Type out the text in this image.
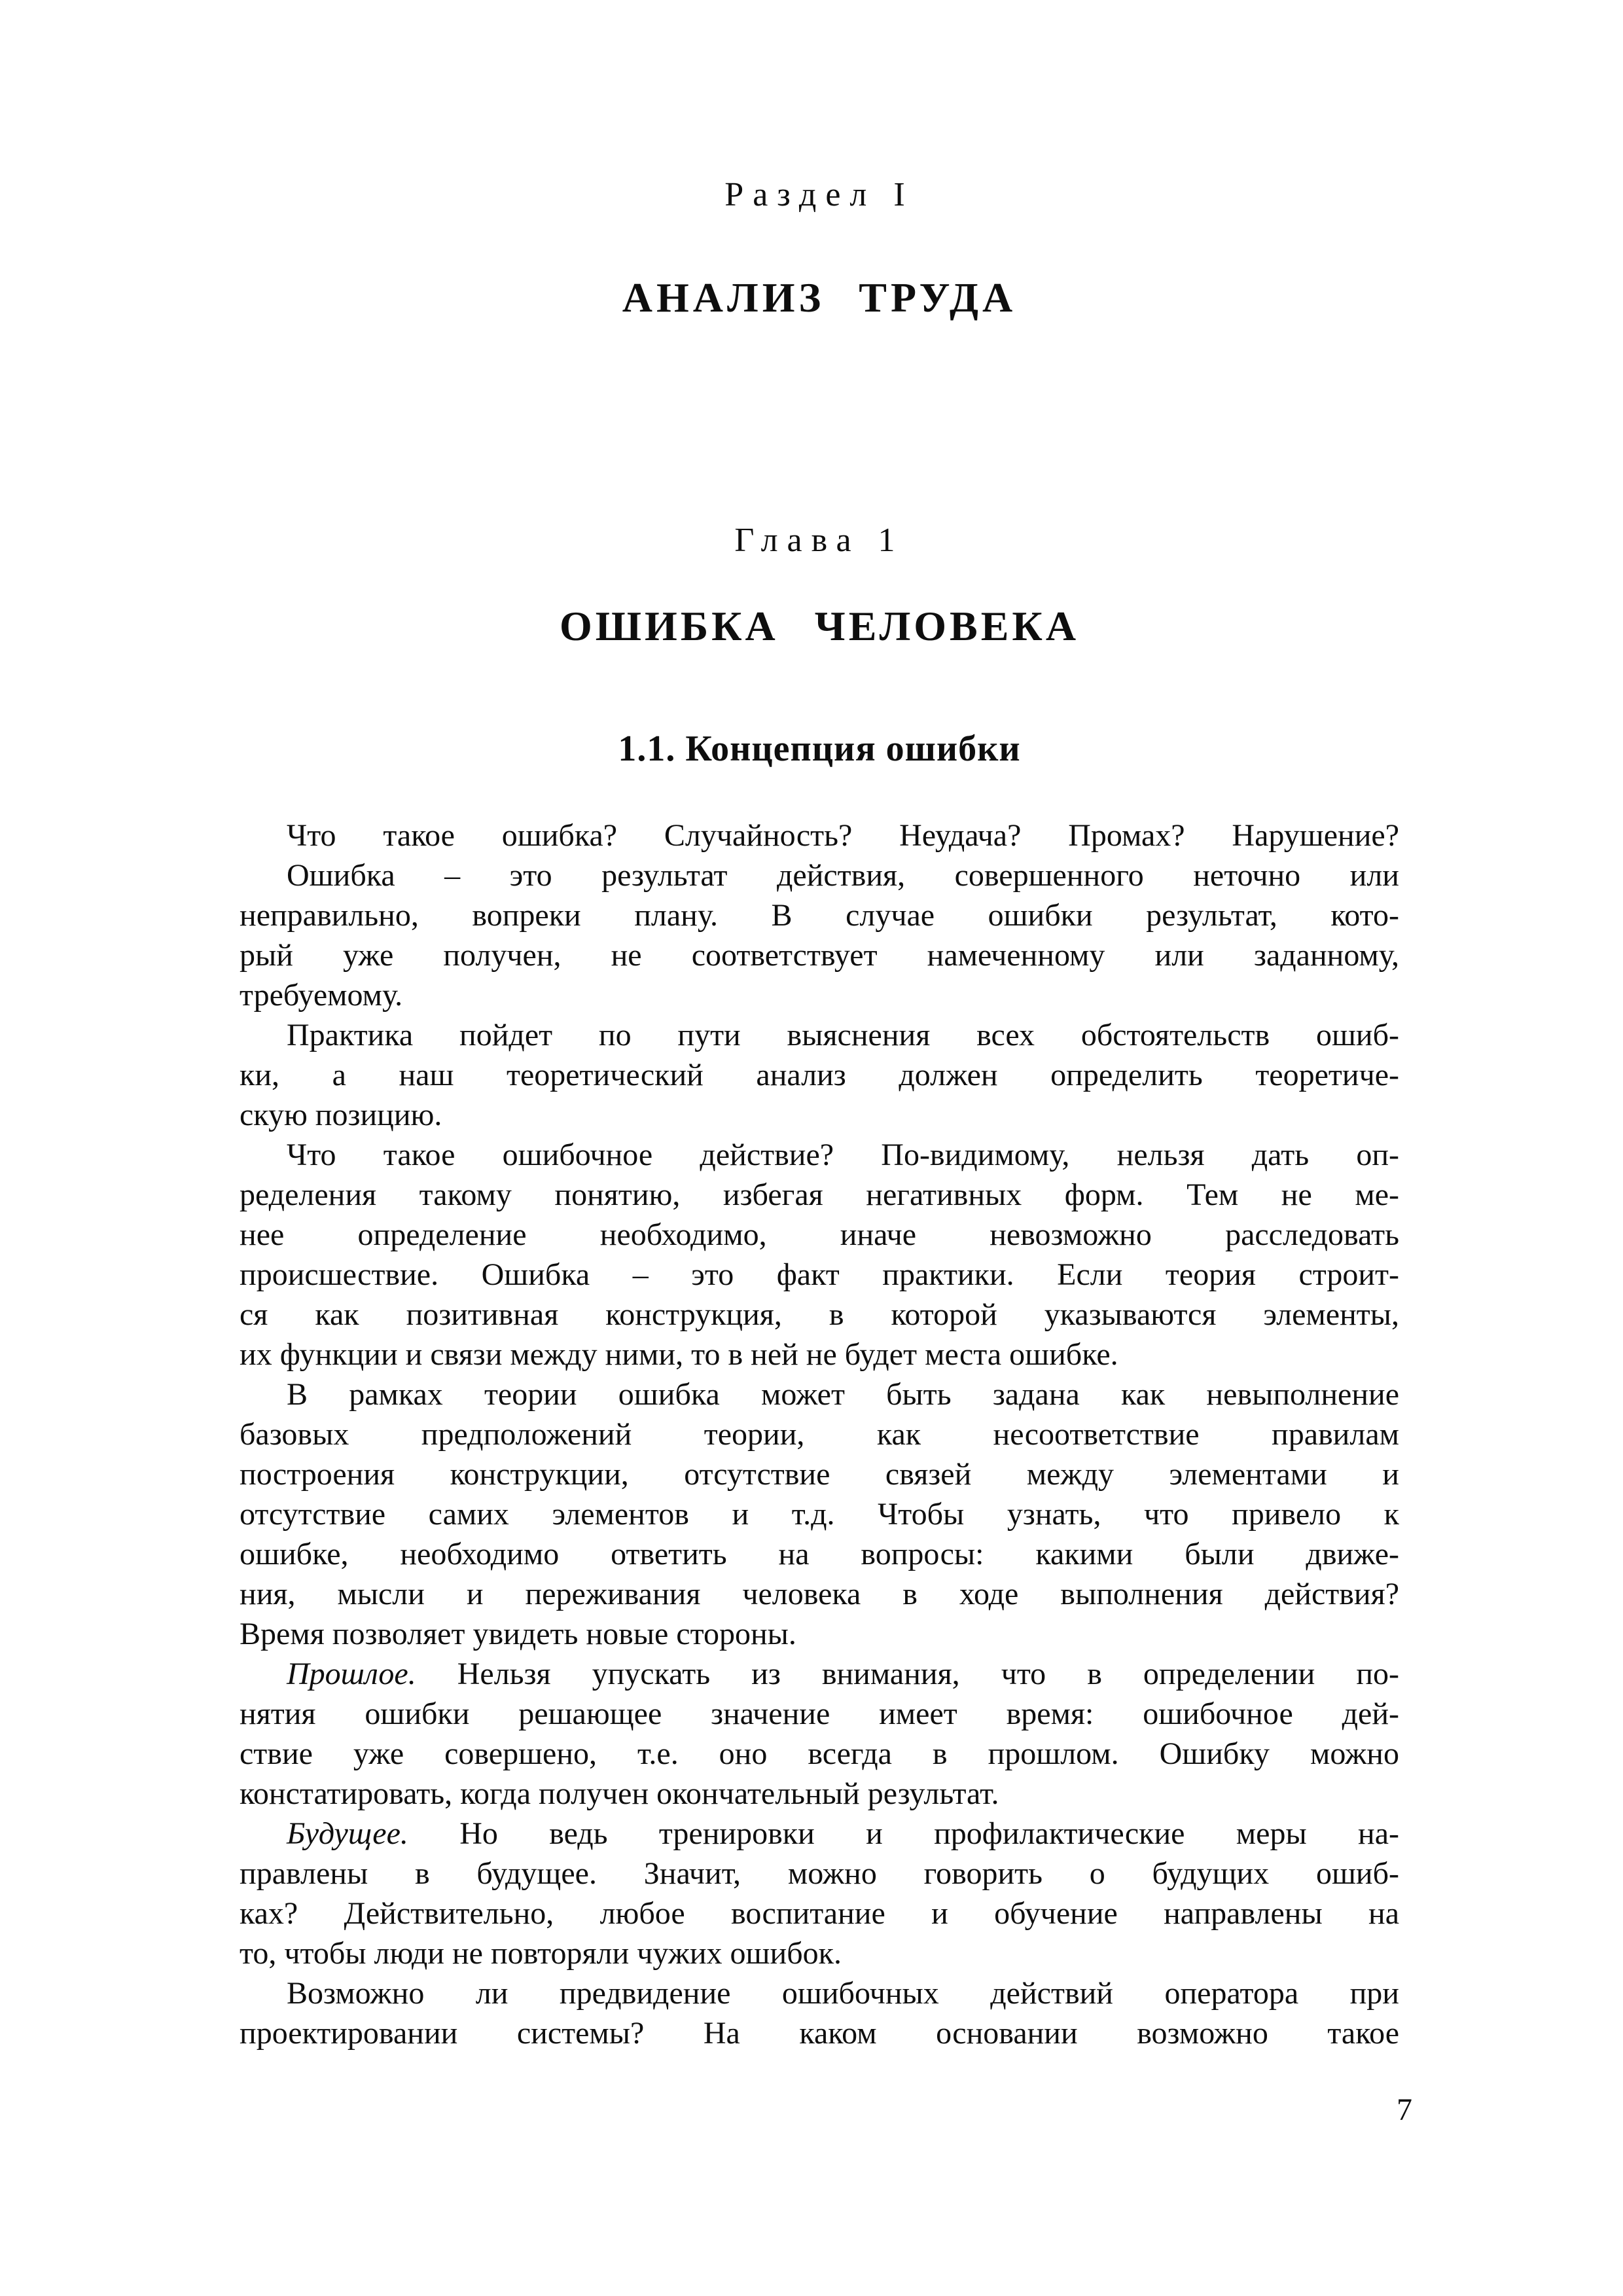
Раздел I
АНАЛИЗ ТРУДА
Глава 1
ОШИБКА ЧЕЛОВЕКА
1.1. Концепция ошибки
Что такое ошибка? Случайность? Неудача? Промах? Нарушение?
Ошибка – это результат действия, совершенного неточно или
неправильно, вопреки плану. В случае ошибки результат, кото-
рый уже получен, не соответствует намеченному или заданному,
требуемому.
Практика пойдет по пути выяснения всех обстоятельств ошиб-
ки, а наш теоретический анализ должен определить теоретиче-
скую позицию.
Что такое ошибочное действие? По-видимому, нельзя дать оп-
ределения такому понятию, избегая негативных форм. Тем не ме-
нее определение необходимо, иначе невозможно расследовать
происшествие. Ошибка – это факт практики. Если теория строит-
ся как позитивная конструкция, в которой указываются элементы,
их функции и связи между ними, то в ней не будет места ошибке.
В рамках теории ошибка может быть задана как невыполнение
базовых предположений теории, как несоответствие правилам
построения конструкции, отсутствие связей между элементами и
отсутствие самих элементов и т.д. Чтобы узнать, что привело к
ошибке, необходимо ответить на вопросы: какими были движе-
ния, мысли и переживания человека в ходе выполнения действия?
Время позволяет увидеть новые стороны.
Прошлое. Нельзя упускать из внимания, что в определении по-
нятия ошибки решающее значение имеет время: ошибочное дей-
ствие уже совершено, т.е. оно всегда в прошлом. Ошибку можно
констатировать, когда получен окончательный результат.
Будущее. Но ведь тренировки и профилактические меры на-
правлены в будущее. Значит, можно говорить о будущих ошиб-
ках? Действительно, любое воспитание и обучение направлены на
то, чтобы люди не повторяли чужих ошибок.
Возможно ли предвидение ошибочных действий оператора при
проектировании системы? На каком основании возможно такое
7
